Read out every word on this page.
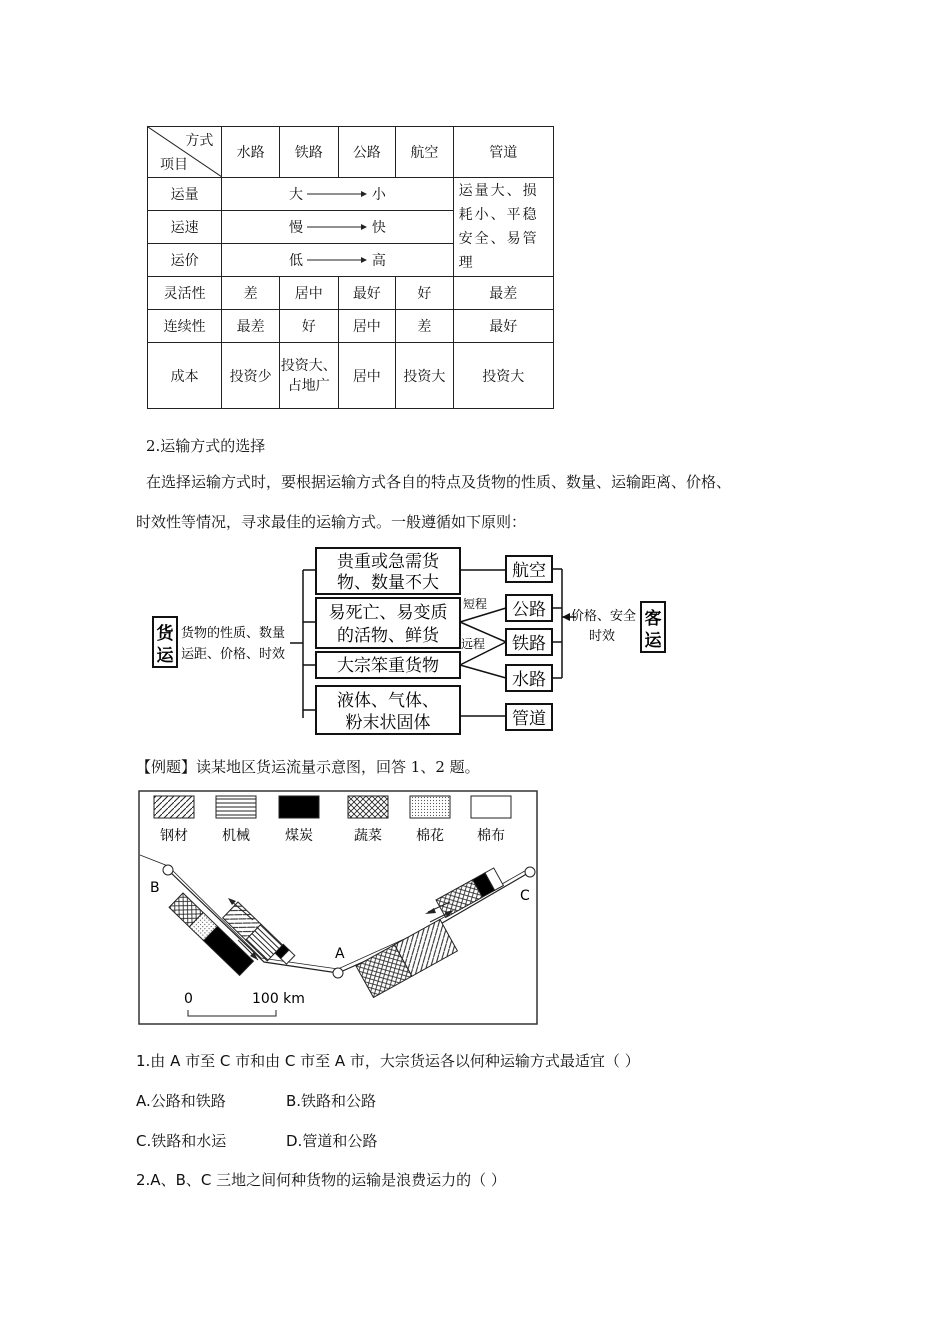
方式
项目	水路	铁路	公路	航空	管道
运量	大 小				运量大、损耗小、平稳安全、易管理
运速	慢 快				
运价	低 高				
灵活性	差	居中	最好	好	最差
连续性	最差	好	居中	差	最好
成本	投资少	投资大、占地广	居中	投资大	投资大
2.运输方式的选择
在选择运输方式时，要根据运输方式各自的特点及货物的性质、数量、运输距离、价格、
时效性等情况，寻求最佳的运输方式。一般遵循如下原则：
货
运
货物的性质、数量
运距、价格、时效
贵重或急需货
物、数量不大
易死亡、易变质
的活物、鲜货
大宗笨重货物
液体、气体、
粉末状固体
短程
远程
航空
公路
铁路
水路
管道
价格、安全
时效
客
运
【例题】读某地区货运流量示意图，回答 1、2 题。
钢材 机械	煤炭	蔬菜 棉花 棉布
B
A
C
0	100 km
1.由 A 市至 C 市和由 C 市至 A 市，大宗货运各以何种运输方式最适宜（ ）
A.公路和铁路	B.铁路和公路
C.铁路和水运	D.管道和公路
2.A、B、C 三地之间何种货物的运输是浪费运力的（ ）
